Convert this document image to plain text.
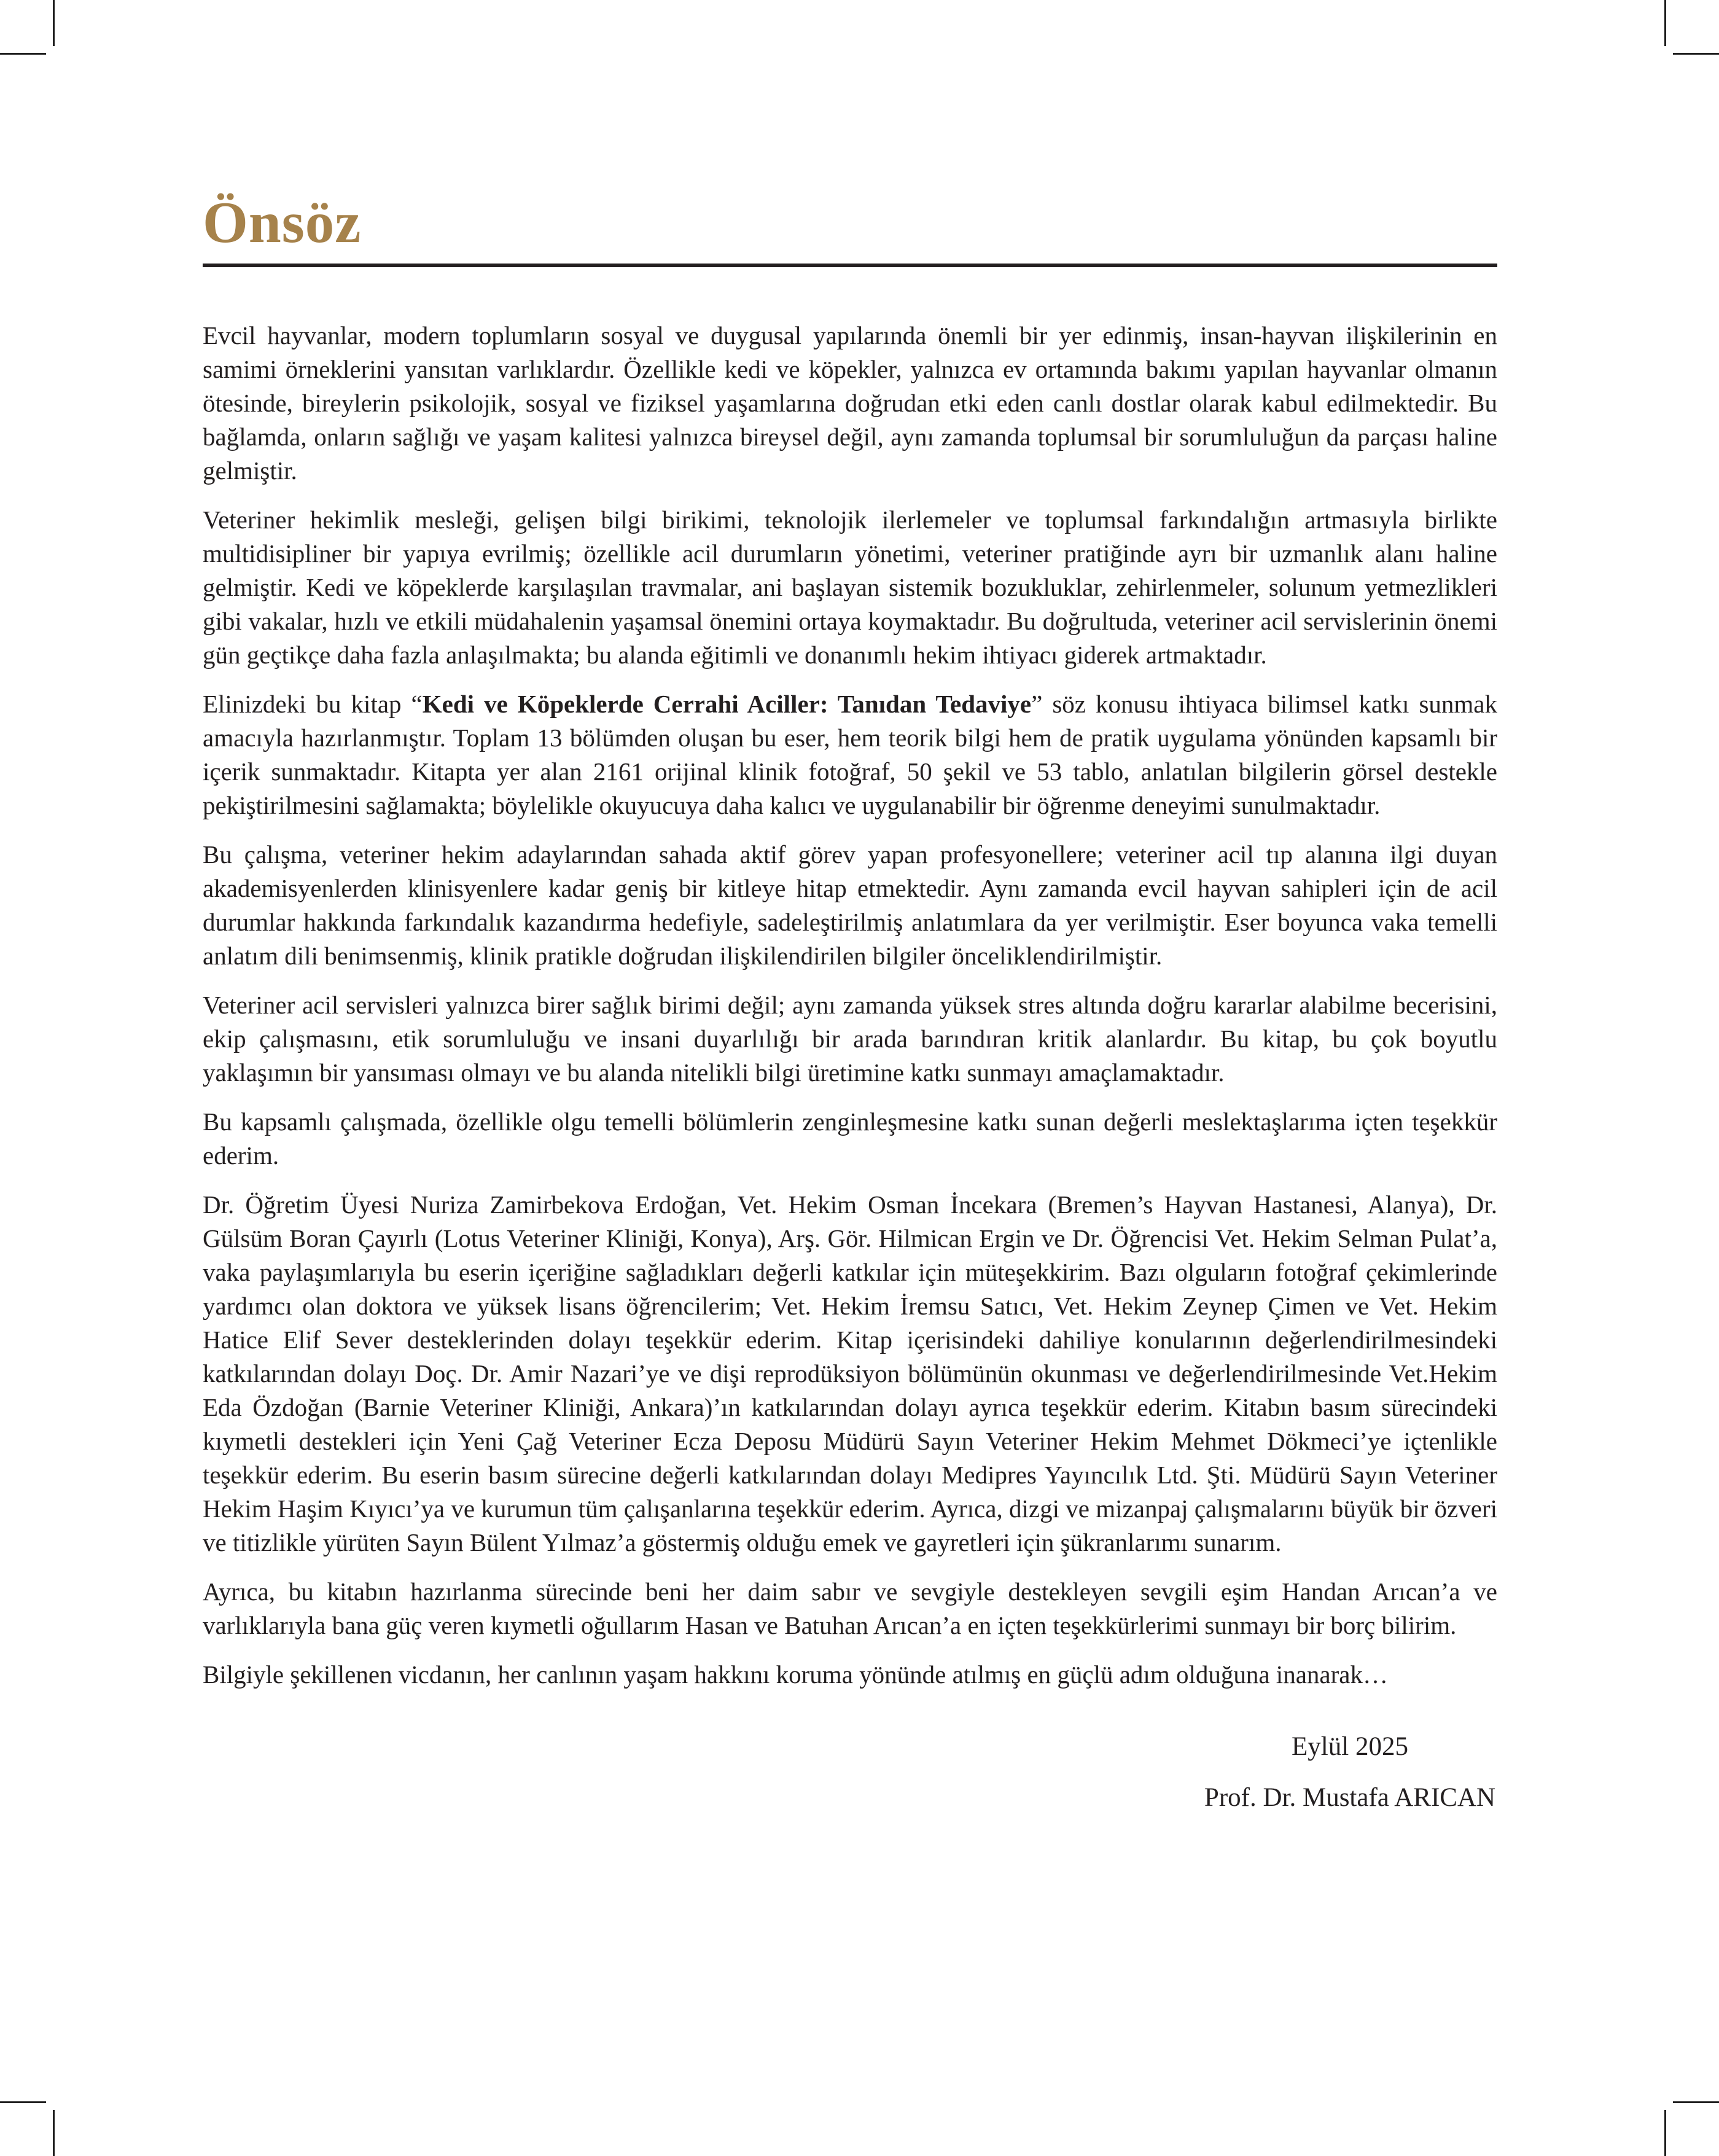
Önsöz

Evcil hayvanlar, modern toplumların sosyal ve duygusal yapılarında önemli bir yer edinmiş, insan-hayvan ilişkilerinin en samimi örneklerini yansıtan varlıklardır. Özellikle kedi ve köpekler, yalnızca ev ortamında bakımı yapılan hayvanlar olmanın ötesinde, bireylerin psikolojik, sosyal ve fiziksel yaşamlarına doğrudan etki eden canlı dostlar olarak kabul edilmektedir. Bu bağlamda, onların sağlığı ve yaşam kalitesi yalnızca bireysel değil, aynı zamanda toplumsal bir sorumluluğun da parçası haline gelmiştir.

Veteriner hekimlik mesleği, gelişen bilgi birikimi, teknolojik ilerlemeler ve toplumsal farkındalığın artmasıyla birlikte multidisipliner bir yapıya evrilmiş; özellikle acil durumların yönetimi, veteriner pratiğinde ayrı bir uzmanlık alanı haline gelmiştir. Kedi ve köpeklerde karşılaşılan travmalar, ani başlayan sistemik bozukluklar, zehirlenmeler, solunum yetmezlikleri gibi vakalar, hızlı ve etkili müdahalenin yaşamsal önemini ortaya koymaktadır. Bu doğrultuda, veteriner acil servislerinin önemi gün geçtikçe daha fazla anlaşılmakta; bu alanda eğitimli ve donanımlı hekim ihtiyacı giderek artmaktadır.

Elinizdeki bu kitap “Kedi ve Köpeklerde Cerrahi Aciller: Tanıdan Tedaviye” söz konusu ihtiyaca bilimsel katkı sunmak amacıyla hazırlanmıştır. Toplam 13 bölümden oluşan bu eser, hem teorik bilgi hem de pratik uygulama yönünden kapsamlı bir içerik sunmaktadır. Kitapta yer alan 2161 orijinal klinik fotoğraf, 50 şekil ve 53 tablo, anlatılan bilgilerin görsel destekle pekiştirilmesini sağlamakta; böylelikle okuyucuya daha kalıcı ve uygulanabilir bir öğrenme deneyimi sunulmaktadır.

Bu çalışma, veteriner hekim adaylarından sahada aktif görev yapan profesyonellere; veteriner acil tıp alanına ilgi duyan akademisyenlerden klinisyenlere kadar geniş bir kitleye hitap etmektedir. Aynı zamanda evcil hayvan sahipleri için de acil durumlar hakkında farkındalık kazandırma hedefiyle, sadeleştirilmiş anlatımlara da yer verilmiştir. Eser boyunca vaka temelli anlatım dili benimsenmiş, klinik pratikle doğrudan ilişkilendirilen bilgiler önceliklendirilmiştir.

Veteriner acil servisleri yalnızca birer sağlık birimi değil; aynı zamanda yüksek stres altında doğru kararlar alabilme becerisini, ekip çalışmasını, etik sorumluluğu ve insani duyarlılığı bir arada barındıran kritik alanlardır. Bu kitap, bu çok boyutlu yaklaşımın bir yansıması olmayı ve bu alanda nitelikli bilgi üretimine katkı sunmayı amaçlamaktadır.

Bu kapsamlı çalışmada, özellikle olgu temelli bölümlerin zenginleşmesine katkı sunan değerli meslektaşlarıma içten teşekkür ederim.

Dr. Öğretim Üyesi Nuriza Zamirbekova Erdoğan, Vet. Hekim Osman İncekara (Bremen’s Hayvan Hastanesi, Alanya), Dr. Gülsüm Boran Çayırlı (Lotus Veteriner Kliniği, Konya), Arş. Gör. Hilmican Ergin ve Dr. Öğrencisi Vet. Hekim Selman Pulat’a, vaka paylaşımlarıyla bu eserin içeriğine sağladıkları değerli katkılar için müteşekkirim. Bazı olguların fotoğraf çekimlerinde yardımcı olan doktora ve yüksek lisans öğrencilerim; Vet. Hekim İremsu Satıcı, Vet. Hekim Zeynep Çimen ve Vet. Hekim Hatice Elif Sever desteklerinden dolayı teşekkür ederim. Kitap içerisindeki dahiliye konularının değerlendirilmesindeki katkılarından dolayı Doç. Dr. Amir Nazari’ye ve dişi reprodüksiyon bölümünün okunması ve değerlendirilmesinde Vet.Hekim Eda Özdoğan (Barnie Veteriner Kliniği, Ankara)’ın katkılarından dolayı ayrıca teşekkür ederim. Kitabın basım sürecindeki kıymetli destekleri için Yeni Çağ Veteriner Ecza Deposu Müdürü Sayın Veteriner Hekim Mehmet Dökmeci’ye içtenlikle teşekkür ederim. Bu eserin basım sürecine değerli katkılarından dolayı Medipres Yayıncılık Ltd. Şti. Müdürü Sayın Veteriner Hekim Haşim Kıyıcı’ya ve kurumun tüm çalışanlarına teşekkür ederim. Ayrıca, dizgi ve mizanpaj çalışmalarını büyük bir özveri ve titizlikle yürüten Sayın Bülent Yılmaz’a göstermiş olduğu emek ve gayretleri için şükranlarımı sunarım.

Ayrıca, bu kitabın hazırlanma sürecinde beni her daim sabır ve sevgiyle destekleyen sevgili eşim Handan Arıcan’a ve varlıklarıyla bana güç veren kıymetli oğullarım Hasan ve Batuhan Arıcan’a en içten teşekkürlerimi sunmayı bir borç bilirim.

Bilgiyle şekillenen vicdanın, her canlının yaşam hakkını koruma yönünde atılmış en güçlü adım olduğuna inanarak…

Eylül 2025
Prof. Dr. Mustafa ARICAN
